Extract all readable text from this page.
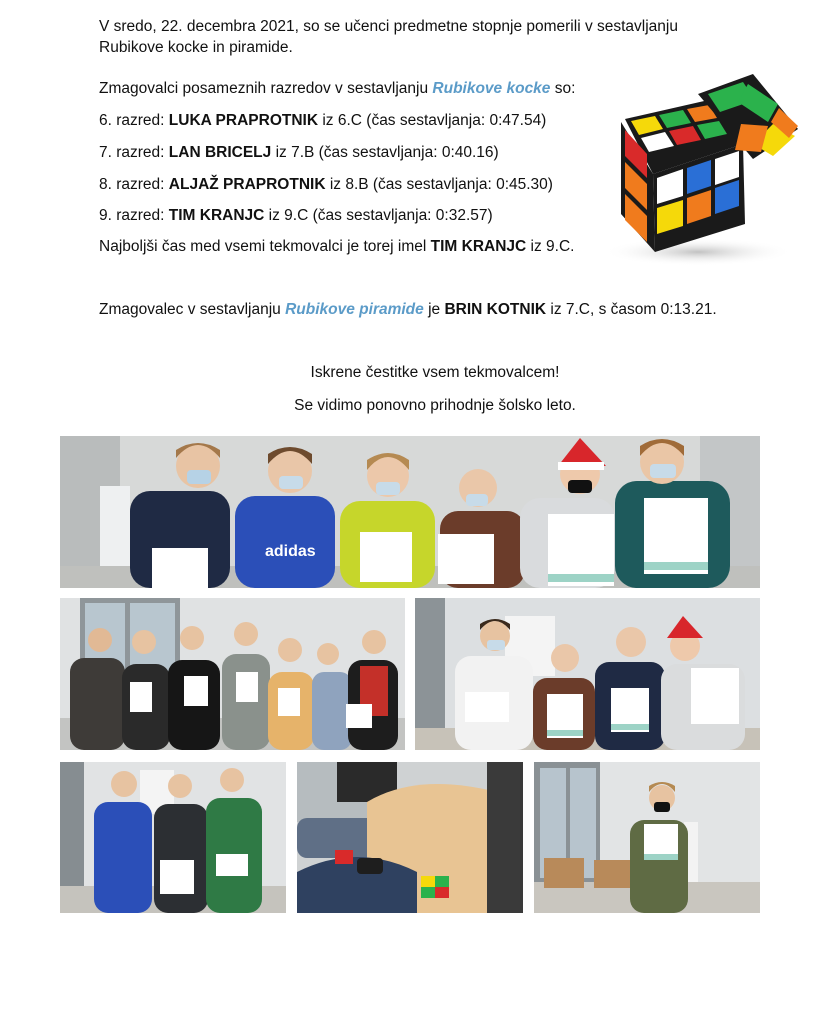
V sredo, 22. decembra 2021, so se učenci predmetne stopnje pomerili v sestavljanju
Rubikove kocke in piramide.
Zmagovalci posameznih razredov v sestavljanju Rubikove kocke so:
6. razred: LUKA PRAPROTNIK iz 6.C (čas sestavljanja: 0:47.54)
7. razred: LAN BRICELJ iz 7.B (čas sestavljanja: 0:40.16)
8. razred: ALJAŽ PRAPROTNIK iz 8.B (čas sestavljanja: 0:45.30)
9. razred: TIM KRANJC iz 9.C (čas sestavljanja: 0:32.57)
Najboljši čas med vsemi tekmovalci je torej imel TIM KRANJC iz 9.C.
Zmagovalec v sestavljanju Rubikove piramide je BRIN KOTNIK iz 7.C, s časom 0:13.21.
Iskrene čestitke vsem tekmovalcem!
Se vidimo ponovno prihodnje šolsko leto.
adidas
